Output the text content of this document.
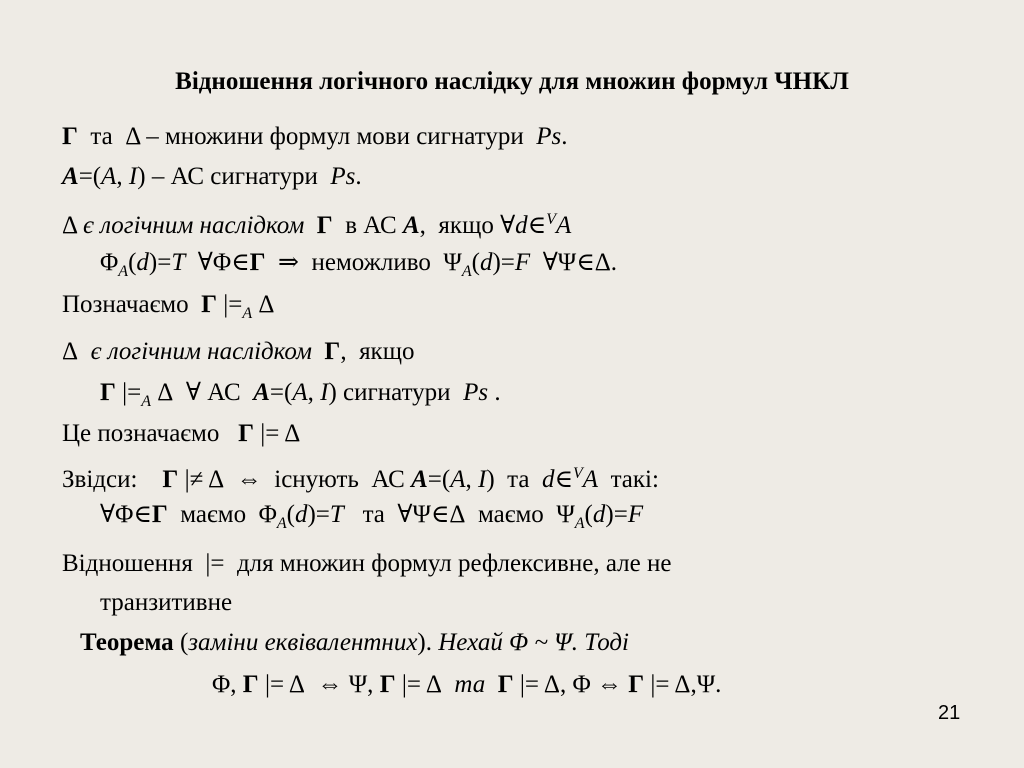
Відношення логічного наслідку для множин формул ЧНКЛ
Γ та  Δ – множини формул мови сигнатури Ps.
A=(A, I) – АС сигнатури Ps.
Δ є логічним наслідком Γ в АС A,  якщо ∀d∈$^V$A
$\Phi_A(d)=T$  ∀Φ∈Γ  ⇒  неможливо  $\Psi_A(d)=F$  ∀Ψ∈Δ.
Позначаємо Γ $|=_A$ Δ
Δ  є логічним наслідком Γ,  якщо
Γ $|=_A$ Δ  ∀ АС A=(A, I) сигнатури Ps .
Це позначаємо Γ |= Δ
Звідси: Γ |≠ Δ  ⇔  існують АС A=(A, I)  та d∈$^V$A такі:
∀Φ∈Γ маємо  $\Phi_A(d)=T$ та  ∀Ψ∈Δ  маємо  $\Psi_A(d)=F$
Відношення  |=  для множин формул рефлексивне, але не
транзитивне
Теорема (заміни еквівалентних). Нехай Φ ~ Ψ. Тоді
Φ, Γ |= Δ  ⇔ Ψ, Γ |= Δ  та Γ |= Δ, Φ ⇔ Γ |= Δ,Ψ.
21
